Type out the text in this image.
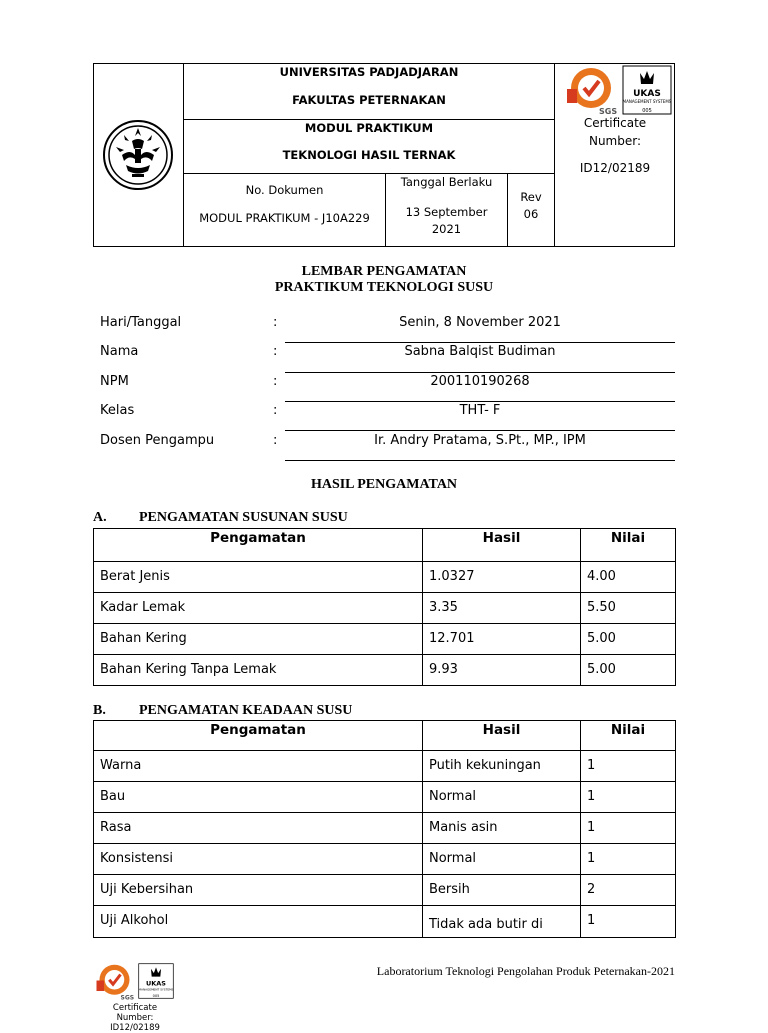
UNIVERSITAS PADJADJARAN
FAKULTAS PETERNAKAN
MODUL PRAKTIKUM
TEKNOLOGI HASIL TERNAK
No. Dokumen
MODUL PRAKTIKUM - J10A229
Tanggal Berlaku
13 September 2021
Rev
06
SGS
UKAS
MANAGEMENT SYSTEMS
005
Certificate Number:
ID12/02189
LEMBAR PENGAMATAN
PRAKTIKUM TEKNOLOGI SUSU
Hari/Tanggal	:	Senin, 8 November 2021
Nama	:	Sabna Balqist Budiman
NPM	:	200110190268
Kelas	:	THT- F
Dosen Pengampu	:	Ir. Andry Pratama, S.Pt., MP., IPM
HASIL PENGAMATAN
A. PENGAMATAN SUSUNAN SUSU
Pengamatan	Hasil	Nilai
Berat Jenis	1.0327	4.00
Kadar Lemak	3.35	5.50
Bahan Kering	12.701	5.00
Bahan Kering Tanpa Lemak	9.93	5.00
B. PENGAMATAN KEADAAN SUSU
Pengamatan	Hasil	Nilai
Warna	Putih kekuningan	1
Bau	Normal	1
Rasa	Manis asin	1
Konsistensi	Normal	1
Uji Kebersihan	Bersih	2
Uji Alkohol	Tidak ada butir di	1
SGS
UKAS
MANAGEMENT SYSTEMS
005
Certificate Number:
ID12/02189
Laboratorium Teknologi Pengolahan Produk Peternakan-2021
